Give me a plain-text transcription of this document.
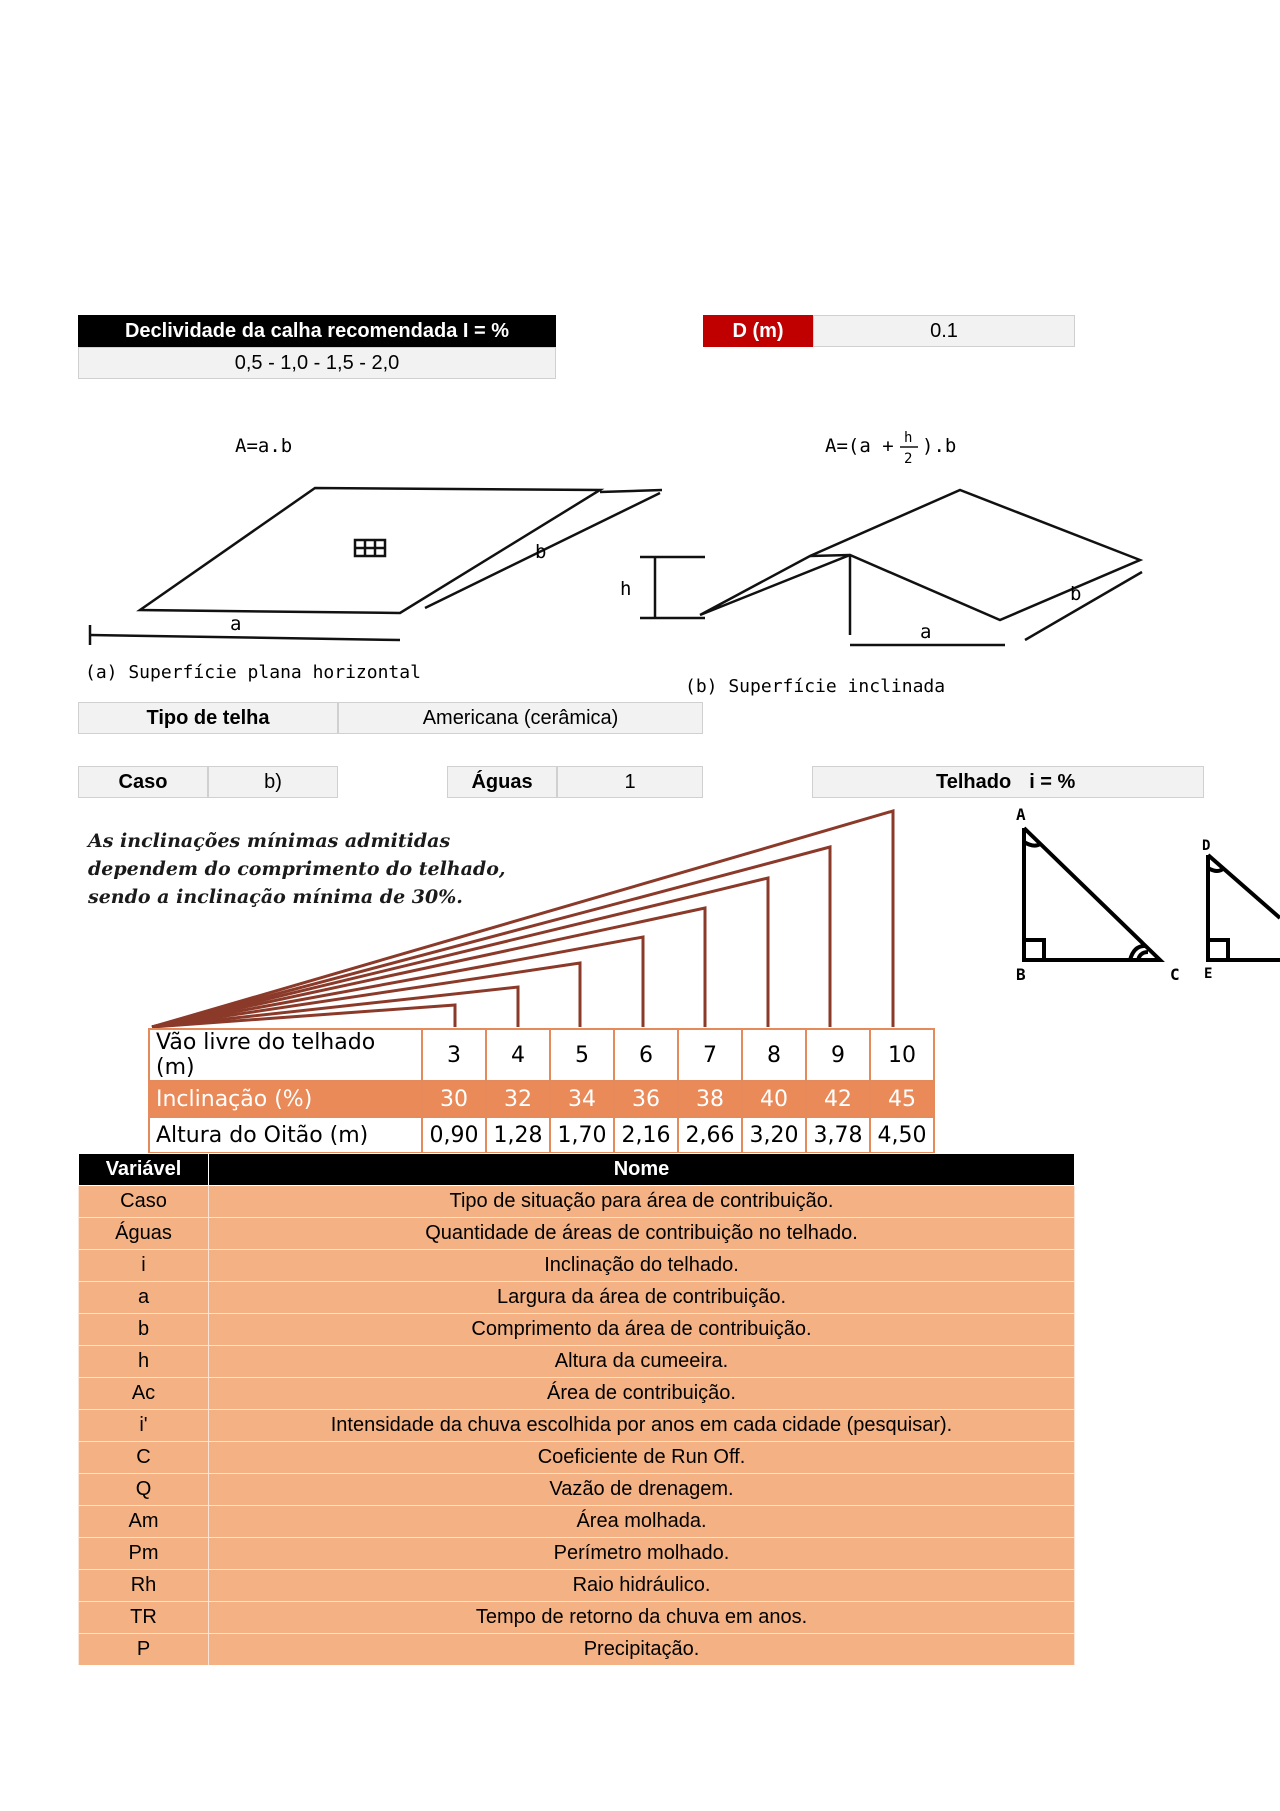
Declividade da calha recomendada I = %
0,5 - 1,0 - 1,5 - 2,0
D (m)	0.1
A=a.b
a
b
(a) Superfície plana horizontal
A=(a + h
2
).b
h
a
b
(b) Superfície inclinada
Tipo de telha	Americana (cerâmica)
Caso	b)	Águas	1	Telhado i = %
As inclinações mínimas admitidas
dependem do comprimento do telhado,
sendo a inclinação mínima de 30%.
Vão livre do telhado (m)	3	4	5	6	7	8	9	10
Inclinação (%)	30	32	34	36	38	40	42	45
Altura do Oitão (m)	0,90	1,28	1,70	2,16	2,66	3,20	3,78	4,50
A
B	C
D
E
Variável	Nome
Caso	Tipo de situação para área de contribuição.
Águas	Quantidade de áreas de contribuição no telhado.
i	Inclinação do telhado.
a	Largura da área de contribuição.
b	Comprimento da área de contribuição.
h	Altura da cumeeira.
Ac	Área de contribuição.
i'	Intensidade da chuva escolhida por anos em cada cidade (pesquisar).
C	Coeficiente de Run Off.
Q	Vazão de drenagem.
Am	Área molhada.
Pm	Perímetro molhado.
Rh	Raio hidráulico.
TR	Tempo de retorno da chuva em anos.
P	Precipitação.
